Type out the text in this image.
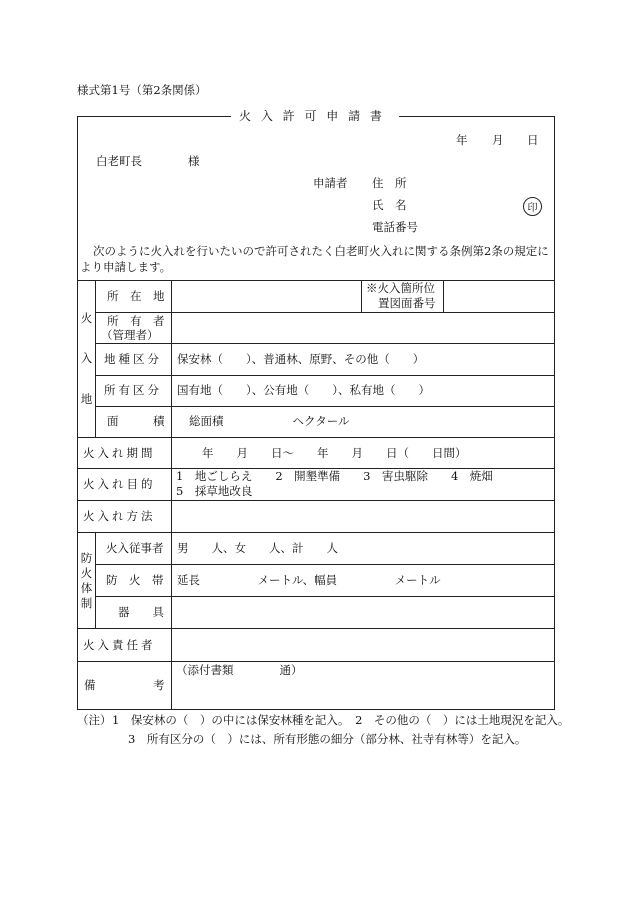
様式第1号（第2条関係）
火 入 許 可 申 請 書
年 月 日
白老町長	様
申請者 住　所
氏　名	印
電話番号
次のように火入れを行いたいので許可されたく白老町火入れに関する条例第2条の規定により申請します。
火
入
地
所　在　地
※火入箇所位
置図面番号
所　有　者
（管理者）
地種区分 保安林（　　）、普通林、原野、その他（　　）
所有区分 国有地（　　）、公有地（　　）、私有地（　　）
面　　　積 総面積　　　　　　ヘクタール
火入れ期間	年　　月　　日～　　年　　月　　日（　　日間）
火入れ目的
1　地ごしらえ　　2　開墾準備　　3　害虫駆除　　4　焼畑
5　採草地改良
火入れ方法
防
火
体
制
火入従事者 男　　人、女　　人、計　　人
防　火　帯 延長　　　　　メートル、幅員　　　　　メートル
器　　具
火入責任者
備　　　　　考
（添付書類　　　　通）
（注） 1　保安林の（　）の中には保安林種を記入。　2　その他の（　）には土地現況を記入。
3　所有区分の（　）には、所有形態の細分（部分林、社寺有林等）を記入。
